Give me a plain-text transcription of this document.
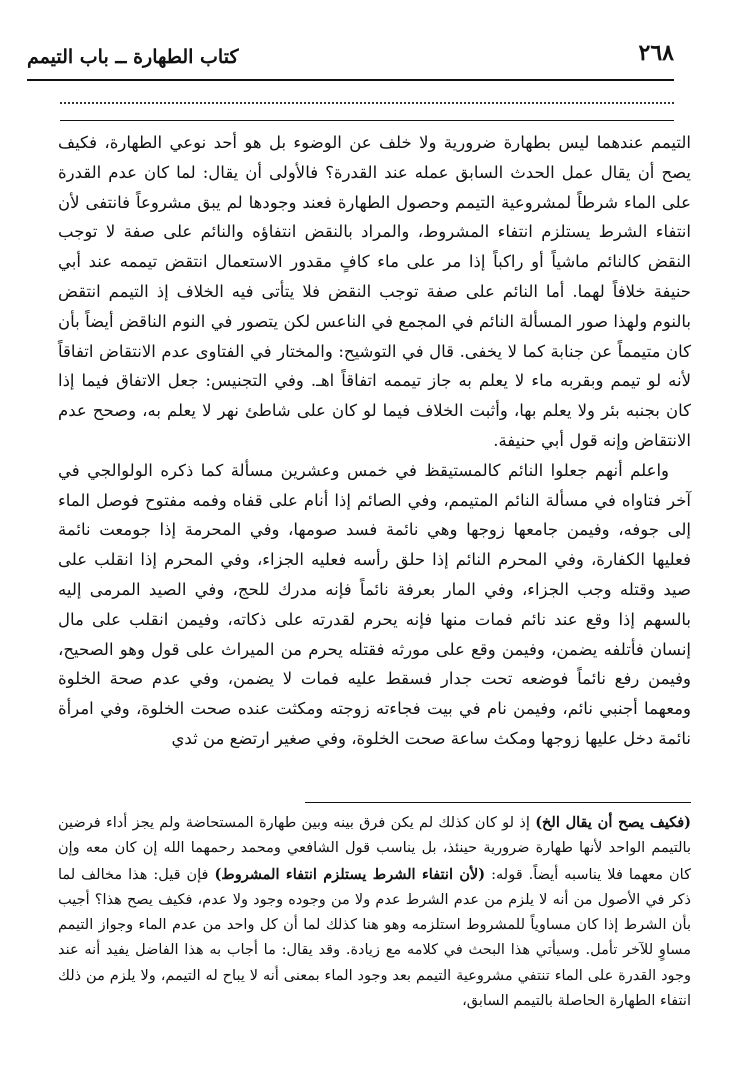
٢٦٨
كتاب الطهارة ــ باب التيمم

التيمم عندهما ليس بطهارة ضرورية ولا خلف عن الوضوء بل هو أحد نوعي الطهارة، فكيف يصح أن يقال عمل الحدث السابق عمله عند القدرة؟ فالأولى أن يقال: لما كان عدم القدرة على الماء شرطاً لمشروعية التيمم وحصول الطهارة فعند وجودها لم يبق مشروعاً فانتفى لأن انتفاء الشرط يستلزم انتفاء المشروط، والمراد بالنقض انتفاؤه والنائم على صفة لا توجب النقض كالنائم ماشياً أو راكباً إذا مر على ماء كافٍ مقدور الاستعمال انتقض تيممه عند أبي حنيفة خلافاً لهما. أما النائم على صفة توجب النقض فلا يتأتى فيه الخلاف إذ التيمم انتقض بالنوم ولهذا صور المسألة النائم في المجمع في الناعس لكن يتصور في النوم الناقض أيضاً بأن كان متيمماً عن جنابة كما لا يخفى. قال في التوشيح: والمختار في الفتاوى عدم الانتقاض اتفاقاً لأنه لو تيمم وبقربه ماء لا يعلم به جاز تيممه اتفاقاً اهـ. وفي التجنيس: جعل الاتفاق فيما إذا كان بجنبه بئر ولا يعلم بها، وأثبت الخلاف فيما لو كان على شاطئ نهر لا يعلم به، وصحح عدم الانتقاض وإنه قول أبي حنيفة.

واعلم أنهم جعلوا النائم كالمستيقظ في خمس وعشرين مسألة كما ذكره الولوالجي في آخر فتاواه في مسألة النائم المتيمم، وفي الصائم إذا أنام على قفاه وفمه مفتوح فوصل الماء إلى جوفه، وفيمن جامعها زوجها وهي نائمة فسد صومها، وفي المحرمة إذا جومعت نائمة فعليها الكفارة، وفي المحرم النائم إذا حلق رأسه فعليه الجزاء، وفي المحرم إذا انقلب على صيد وقتله وجب الجزاء، وفي المار بعرفة نائماً فإنه مدرك للحج، وفي الصيد المرمى إليه بالسهم إذا وقع عند نائم فمات منها فإنه يحرم لقدرته على ذكاته، وفيمن انقلب على مال إنسان فأتلفه يضمن، وفيمن وقع على مورثه فقتله يحرم من الميراث على قول وهو الصحيح، وفيمن رفع نائماً فوضعه تحت جدار فسقط عليه فمات لا يضمن، وفي عدم صحة الخلوة ومعهما أجنبي نائم، وفيمن نام في بيت فجاءته زوجته ومكثت عنده صحت الخلوة، وفي امرأة نائمة دخل عليها زوجها ومكث ساعة صحت الخلوة، وفي صغير ارتضع من ثدي

(فكيف يصح أن يقال الخ) إذ لو كان كذلك لم يكن فرق بينه وبين طهارة المستحاضة ولم يجز أداء فرضين بالتيمم الواحد لأنها طهارة ضرورية حينئذ، بل يناسب قول الشافعي ومحمد رحمهما الله إن كان معه وإن كان معهما فلا يناسبه أيضاً. قوله: (لأن انتفاء الشرط يستلزم انتفاء المشروط) فإن قيل: هذا مخالف لما ذكر في الأصول من أنه لا يلزم من عدم الشرط عدم ولا من وجوده وجود ولا عدم، فكيف يصح هذا؟ أجيب بأن الشرط إذا كان مساوياً للمشروط استلزمه وهو هنا كذلك لما أن كل واحد من عدم الماء وجواز التيمم مساوٍ للآخر تأمل. وسيأتي هذا البحث في كلامه مع زيادة. وقد يقال: ما أجاب به هذا الفاضل يفيد أنه عند وجود القدرة على الماء تنتفي مشروعية التيمم بعد وجود الماء بمعنى أنه لا يباح له التيمم، ولا يلزم من ذلك انتفاء الطهارة الحاصلة بالتيمم السابق،
